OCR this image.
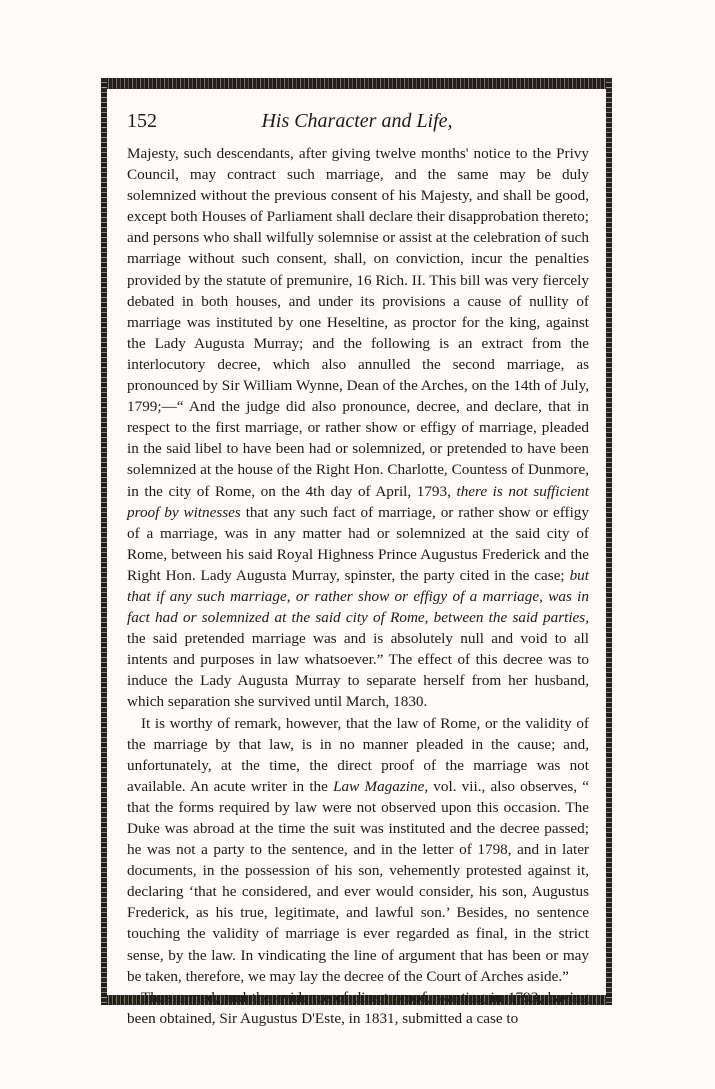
152	His Character and Life,

Majesty, such descendants, after giving twelve months' notice to the Privy Council, may contract such marriage, and the same may be duly solemnized without the previous consent of his Majesty, and shall be good, except both Houses of Parliament shall declare their disapprobation thereto; and persons who shall wilfully solemnise or assist at the celebration of such marriage without such consent, shall, on conviction, incur the penalties provided by the statute of premunire, 16 Rich. II. This bill was very fiercely debated in both houses, and under its provisions a cause of nullity of marriage was instituted by one Heseltine, as proctor for the king, against the Lady Augusta Murray; and the following is an extract from the interlocutory decree, which also annulled the second marriage, as pronounced by Sir William Wynne, Dean of the Arches, on the 14th of July, 1799;—“ And the judge did also pronounce, decree, and declare, that in respect to the first marriage, or rather show or effigy of marriage, pleaded in the said libel to have been had or solemnized, or pretended to have been solemnized at the house of the Right Hon. Charlotte, Countess of Dunmore, in the city of Rome, on the 4th day of April, 1793, there is not sufficient proof by witnesses that any such fact of marriage, or rather show or effigy of a marriage, was in any matter had or solemnized at the said city of Rome, between his said Royal Highness Prince Augustus Frederick and the Right Hon. Lady Augusta Murray, spinster, the party cited in the case; but that if any such marriage, or rather show or effigy of a marriage, was in fact had or solemnized at the said city of Rome, between the said parties, the said pretended marriage was and is absolutely null and void to all intents and purposes in law whatsoever.” The effect of this decree was to induce the Lady Augusta Murray to separate herself from her husband, which separation she survived until March, 1830.

It is worthy of remark, however, that the law of Rome, or the validity of the marriage by that law, is in no manner pleaded in the cause; and, unfortunately, at the time, the direct proof of the marriage was not available. An acute writer in the Law Magazine, vol. vii., also observes, “ that the forms required by law were not observed upon this occasion. The Duke was abroad at the time the suit was instituted and the decree passed; he was not a party to the sentence, and in the letter of 1798, and in later documents, in the possession of his son, vehemently protested against it, declaring ‘that he considered, and ever would consider, his son, Augustus Frederick, as his true, legitimate, and lawful son.’ Besides, no sentence touching the validity of marriage is ever regarded as final, in the strict sense, by the law. In vindicating the line of argument that has been or may be taken, therefore, we may lay the decree of the Court of Arches aside.”

Thus armed, and the evidence of direct proof, wanting in 1793, having been obtained, Sir Augustus D'Este, in 1831, submitted a case to
